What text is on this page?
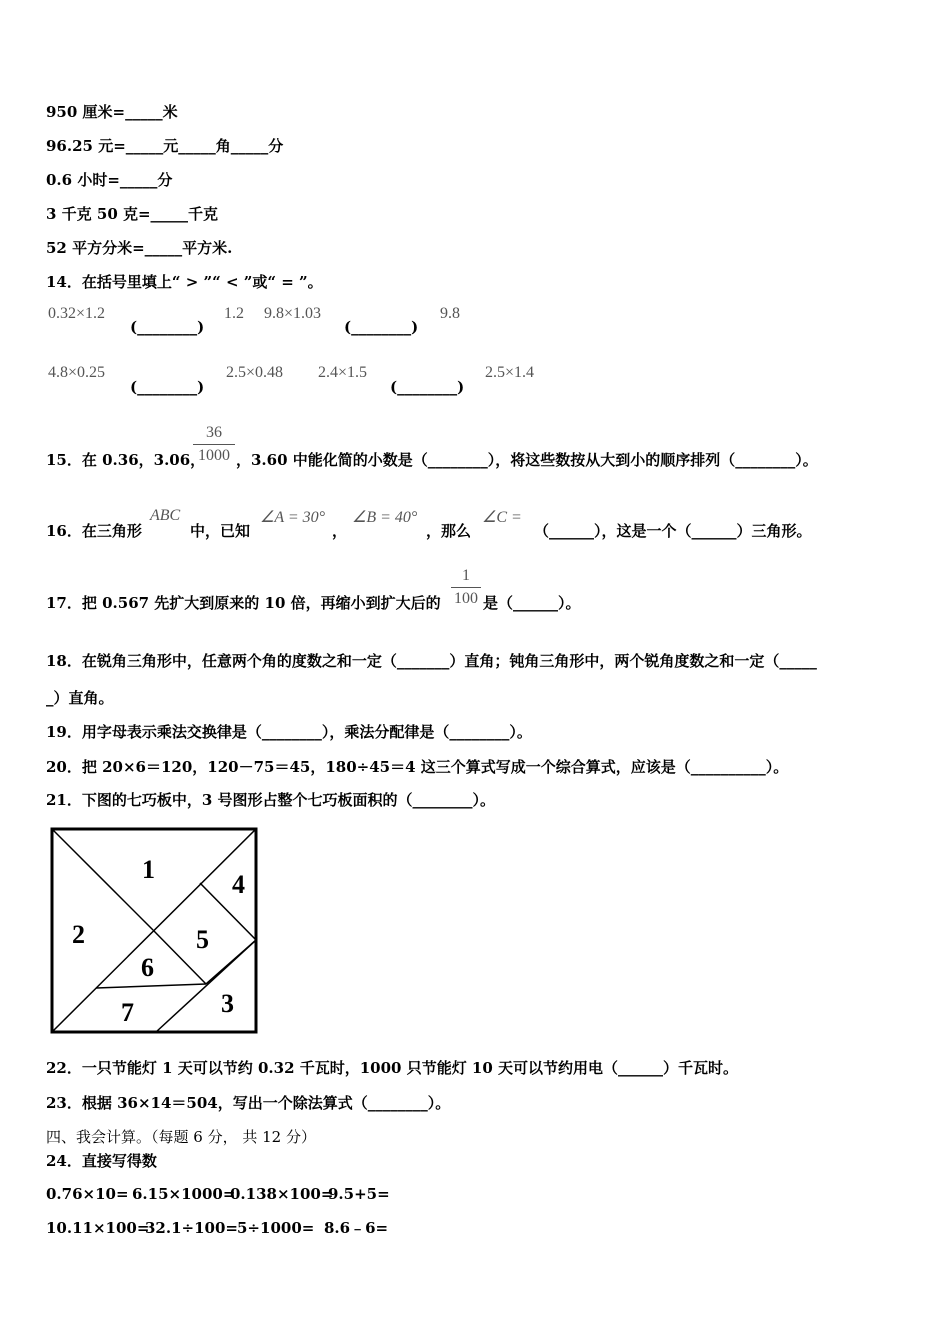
950 厘米=_____米
96.25 元=_____元_____角_____分
0.6 小时=_____分
3 千克 50 克=_____千克
52 平方分米=_____平方米.
14．在括号里填上“ > ”“ < ”或“ = ”。
0.32×1.2
(________)
1.2 9.8×1.03
(________)
9.8
4.8×0.25
(________)
2.5×0.48 2.4×1.5
(________)
2.5×1.4
15．在 0.36，3.06，
36
1000 ，3.60 中能化简的小数是（________），将这些数按从大到小的顺序排列（________）。
16．在三角形
ABC
中，已知
∠A = 30°
，
∠B = 40°
，那么
∠C =
（______），这是一个（______）三角形。
17．把 0.567 先扩大到原来的 10 倍，再缩小到扩大后的
1
100 是（______）。
18．在锐角三角形中，任意两个角的度数之和一定（_______）直角；钝角三角形中，两个锐角度数之和一定（_____
_）直角。
19．用字母表示乘法交换律是（________），乘法分配律是（________）。
20．把 20×6＝120，120－75＝45，180÷45＝4 这三个算式写成一个综合算式，应该是（__________）。
21．下图的七巧板中，3 号图形占整个七巧板面积的（________）。
1
2
3
4
5
6
7
22．一只节能灯 1 天可以节约 0.32 千瓦时，1000 只节能灯 10 天可以节约用电（______）千瓦时。
23．根据 36×14＝504，写出一个除法算式（________）。
四、我会计算。（每题 6 分， 共 12 分）
24．直接写得数
0.76×10= 6.15×1000=
0.138×100=
9.5+5=
10.11×100=
32.1÷100= 5÷1000= 8.6﹣6=
